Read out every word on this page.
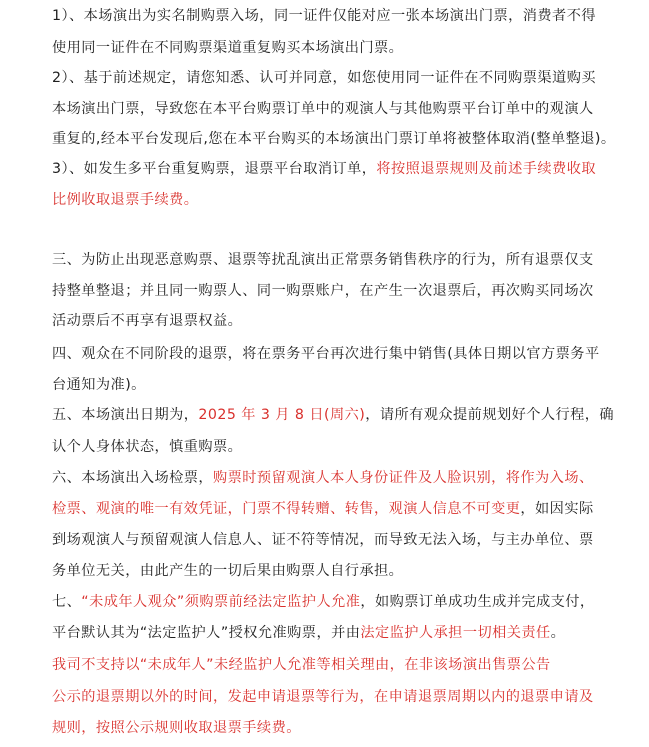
1）、本场演出为实名制购票入场，同一证件仅能对应一张本场演出门票，消费者不得
使用同一证件在不同购票渠道重复购买本场演出门票。
2）、基于前述规定，请您知悉、认可并同意，如您使用同一证件在不同购票渠道购买
本场演出门票，导致您在本平台购票订单中的观演人与其他购票平台订单中的观演人
重复的,经本平台发现后,您在本平台购买的本场演出门票订单将被整体取消(整单整退)。
3）、如发生多平台重复购票，退票平台取消订单，将按照退票规则及前述手续费收取
比例收取退票手续费。
三、为防止出现恶意购票、退票等扰乱演出正常票务销售秩序的行为，所有退票仅支
持整单整退；并且同一购票人、同一购票账户，在产生一次退票后，再次购买同场次
活动票后不再享有退票权益。
四、观众在不同阶段的退票，将在票务平台再次进行集中销售(具体日期以官方票务平
台通知为准)。
五、本场演出日期为，2025 年 3 月 8 日(周六)，请所有观众提前规划好个人行程，确
认个人身体状态，慎重购票。
六、本场演出入场检票，购票时预留观演人本人身份证件及人脸识别，将作为入场、
检票、观演的唯一有效凭证，门票不得转赠、转售，观演人信息不可变更，如因实际
到场观演人与预留观演人信息人、证不符等情况，而导致无法入场，与主办单位、票
务单位无关，由此产生的一切后果由购票人自行承担。
七、“未成年人观众”须购票前经法定监护人允准，如购票订单成功生成并完成支付，
平台默认其为“法定监护人”授权允准购票，并由法定监护人承担一切相关责任。
我司不支持以“未成年人”未经监护人允准等相关理由，在非该场演出售票公告
公示的退票期以外的时间，发起申请退票等行为，在申请退票周期以内的退票申请及
规则，按照公示规则收取退票手续费。
